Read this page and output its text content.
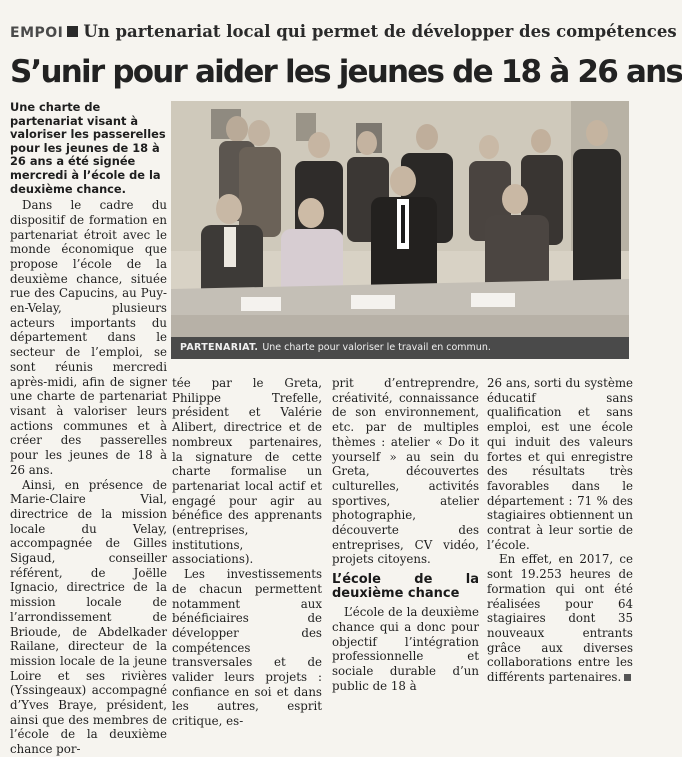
EMPOI Un partenariat local qui permet de développer des compétences
S’unir pour aider les jeunes de 18 à 26 ans

Une charte de partenariat visant à valoriser les passerelles pour les jeunes de 18 à 26 ans a été signée mercredi à l’école de la deuxième chance.

Dans le cadre du dispositif de formation en partenariat étroit avec le monde économique que propose l’école de la deuxième chance, située rue des Capucins, au Puy-en-Velay, plusieurs acteurs importants du département dans le secteur de l’emploi, se sont réunis mercredi après-midi, afin de signer une charte de partenariat visant à valoriser leurs actions communes et à créer des passerelles pour les jeunes de 18 à 26 ans.

Ainsi, en présence de Marie-Claire Vial, directrice de la mission locale du Velay, accompagnée de Gilles Sigaud, conseiller référent, de Joëlle Ignacio, directrice de la mission locale de l’arrondissement de Brioude, de Abdelkader Railane, directeur de la mission locale de la jeune Loire et ses rivières (Yssingeaux) accompagné d’Yves Braye, président, ainsi que des membres de l’école de la deuxième chance por-

PARTENARIAT. Une charte pour valoriser le travail en commun.

tée par le Greta, Philippe Trefelle, président et Valérie Alibert, directrice et de nombreux partenaires, la signature de cette charte formalise un partenariat local actif et engagé pour agir au bénéfice des apprenants (entreprises, institutions, associations).

Les investissements de chacun permettent notamment aux bénéficiaires de développer des compétences transversales et de valider leurs projets : confiance en soi et dans les autres, esprit critique, es-

prit d’entreprendre, créativité, connaissance de son environnement, etc. par de multiples thèmes : atelier « Do it yourself » au sein du Greta, découvertes culturelles, activités sportives, atelier photographie, découverte des entreprises, CV vidéo, projets citoyens.

L’école de la deuxième chance

L’école de la deuxième chance qui a donc pour objectif l’intégration professionnelle et sociale durable d’un public de 18 à

26 ans, sorti du système éducatif sans qualification et sans emploi, est une école qui induit des valeurs fortes et qui enregistre des résultats très favorables dans le département : 71 % des stagiaires obtiennent un contrat à leur sortie de l’école.

En effet, en 2017, ce sont 19.253 heures de formation qui ont été réalisées pour 64 stagiaires dont 35 nouveaux entrants grâce aux diverses collaborations entre les différents partenaires.
